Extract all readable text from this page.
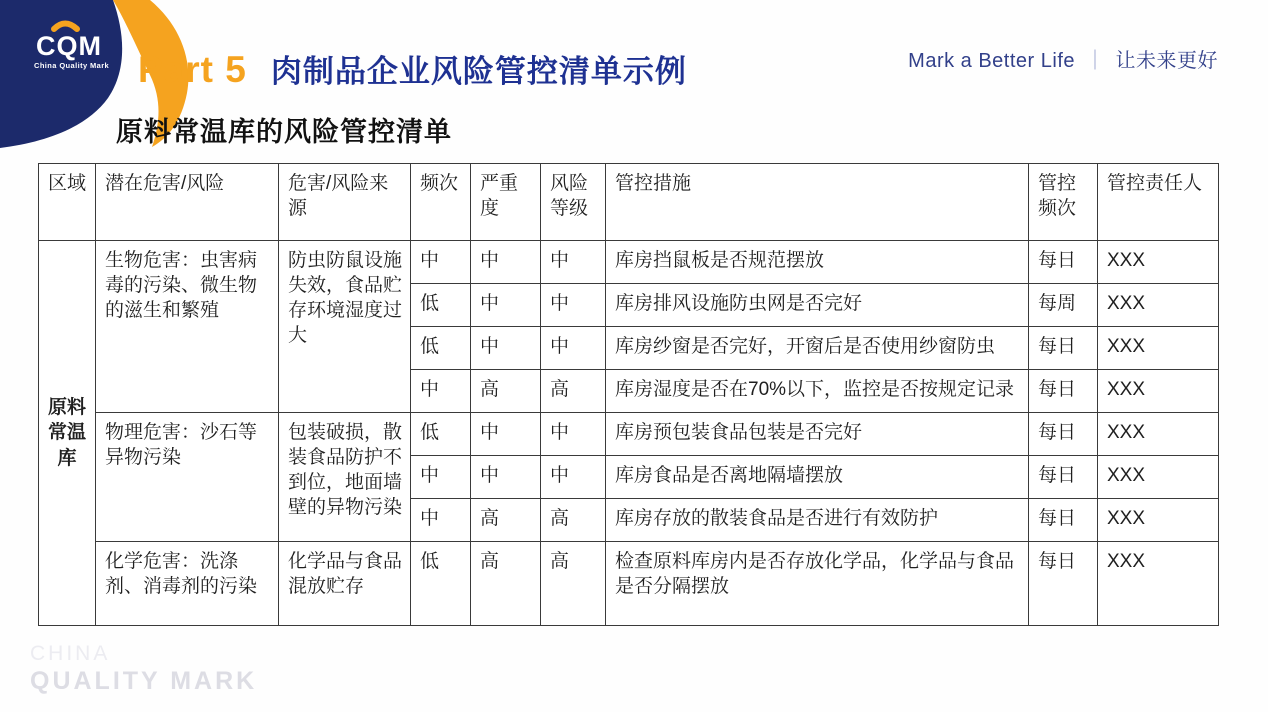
CQM
China Quality Mark Part 5 肉制品企业风险管控清单示例	Mark a Better Life ｜ 让未来更好
原料常温库的风险管控清单
区域	潜在危害/风险	危害/风险来源	频次	严重度	风险等级	管控措施	管控频次	管控责任人
原料常温库	生物危害：虫害病毒的污染、微生物的滋生和繁殖	防虫防鼠设施失效，食品贮存环境湿度过大	中	中	中	库房挡鼠板是否规范摆放	每日	XXX
			低	中	中	库房排风设施防虫网是否完好	每周	XXX
			低	中	中	库房纱窗是否完好，开窗后是否使用纱窗防虫	每日	XXX
			中	高	高	库房湿度是否在70%以下，监控是否按规定记录	每日	XXX
	物理危害：沙石等异物污染	包装破损，散装食品防护不到位，地面墙壁的异物污染	低	中	中	库房预包装食品包装是否完好	每日	XXX
			中	中	中	库房食品是否离地隔墙摆放	每日	XXX
			中	高	高	库房存放的散装食品是否进行有效防护	每日	XXX
	化学危害：洗涤剂、消毒剂的污染	化学品与食品混放贮存	低	高	高	检查原料库房内是否存放化学品，化学品与食品是否分隔摆放	每日	XXX
CHINA
QUALITY MARK
